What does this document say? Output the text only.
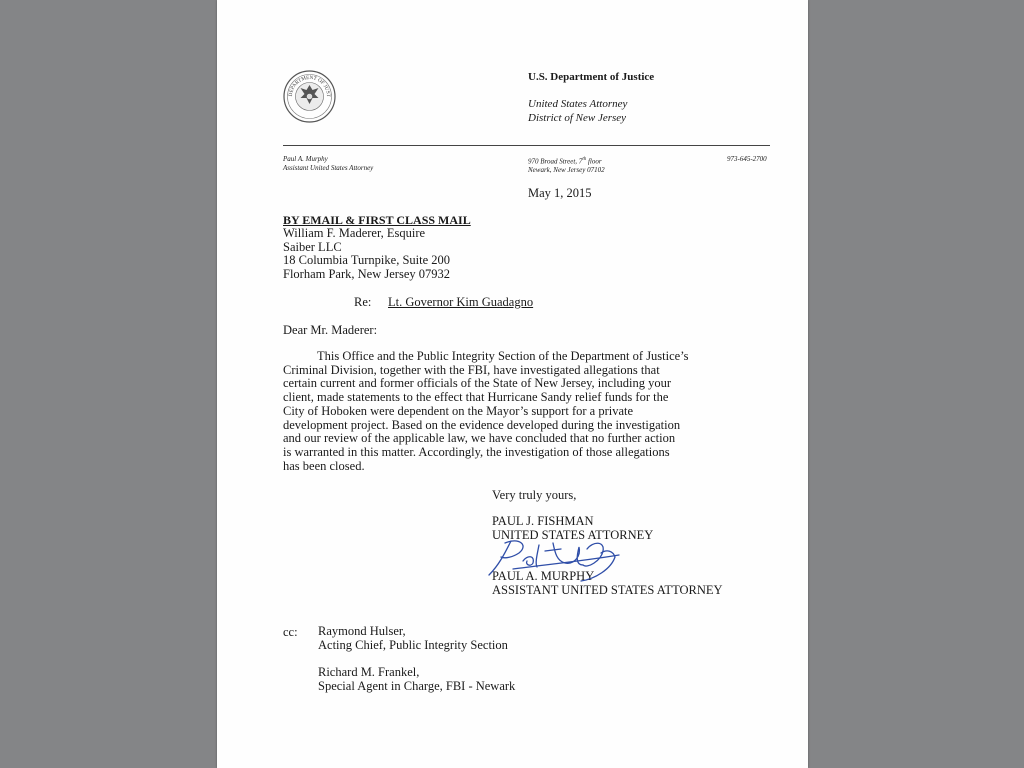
DEPARTMENT OF JUST
U.S. Department of Justice
United States Attorney
District of New Jersey
Paul A. Murphy
Assistant United States Attorney
970 Broad Street, 7th floor
Newark, New Jersey 07102
973-645-2700
May 1, 2015
BY EMAIL & FIRST CLASS MAIL
William F. Maderer, Esquire
Saiber LLC
18 Columbia Turnpike, Suite 200
Florham Park, New Jersey 07932
Re: Lt. Governor Kim Guadagno
Dear Mr. Maderer:
This Office and the Public Integrity Section of the Department of Justice’s
Criminal Division, together with the FBI, have investigated allegations that
certain current and former officials of the State of New Jersey, including your
client, made statements to the effect that Hurricane Sandy relief funds for the
City of Hoboken were dependent on the Mayor’s support for a private
development project. Based on the evidence developed during the investigation
and our review of the applicable law, we have concluded that no further action
is warranted in this matter. Accordingly, the investigation of those allegations
has been closed.
Very truly yours,
PAUL J. FISHMAN
UNITED STATES ATTORNEY
PAUL A. MURPHY
ASSISTANT UNITED STATES ATTORNEY
cc: Raymond Hulser,
Acting Chief, Public Integrity Section
Richard M. Frankel,
Special Agent in Charge, FBI - Newark
